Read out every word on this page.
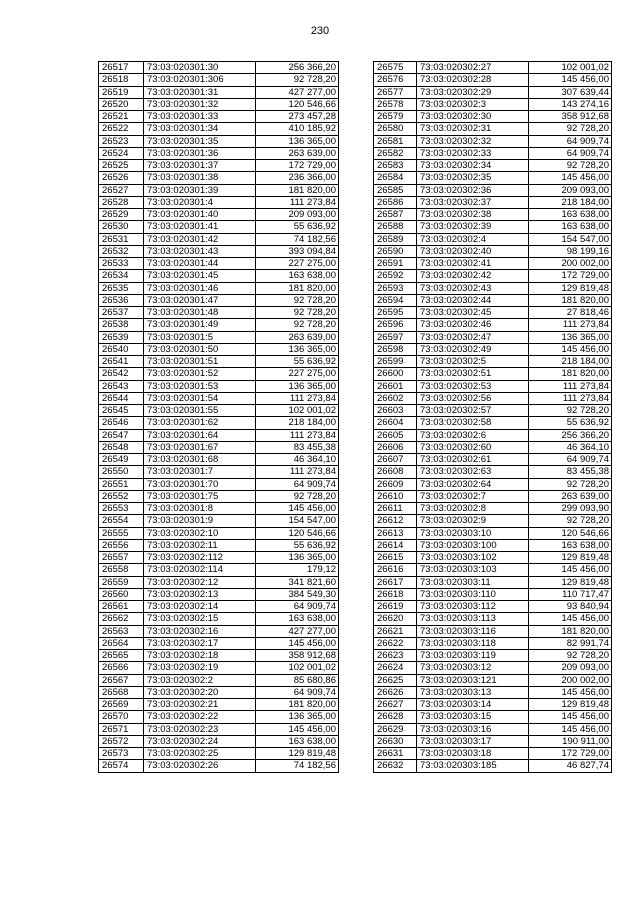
230
26517	73:03:020301:30	256 366,20
26518	73:03:020301:306	92 728,20
26519	73:03:020301:31	427 277,00
26520	73:03:020301:32	120 546,66
26521	73:03:020301:33	273 457,28
26522	73:03:020301:34	410 185,92
26523	73:03:020301:35	136 365,00
26524	73:03:020301:36	263 639,00
26525	73:03:020301:37	172 729,00
26526	73:03:020301:38	236 366,00
26527	73:03:020301:39	181 820,00
26528	73:03:020301:4	111 273,84
26529	73:03:020301:40	209 093,00
26530	73:03:020301:41	55 636,92
26531	73:03:020301:42	74 182,56
26532	73:03:020301:43	393 094,84
26533	73:03:020301:44	227 275,00
26534	73:03:020301:45	163 638,00
26535	73:03:020301:46	181 820,00
26536	73:03:020301:47	92 728,20
26537	73:03:020301:48	92 728,20
26538	73:03:020301:49	92 728,20
26539	73:03:020301:5	263 639,00
26540	73:03:020301:50	136 365,00
26541	73:03:020301:51	55 636,92
26542	73:03:020301:52	227 275,00
26543	73:03:020301:53	136 365,00
26544	73:03:020301:54	111 273,84
26545	73:03:020301:55	102 001,02
26546	73:03:020301:62	218 184,00
26547	73:03:020301:64	111 273,84
26548	73:03:020301:67	83 455,38
26549	73:03:020301:68	46 364,10
26550	73:03:020301:7	111 273,84
26551	73:03:020301:70	64 909,74
26552	73:03:020301:75	92 728,20
26553	73:03:020301:8	145 456,00
26554	73:03:020301:9	154 547,00
26555	73:03:020302:10	120 546,66
26556	73:03:020302:11	55 636,92
26557	73:03:020302:112	136 365,00
26558	73:03:020302:114	179,12
26559	73:03:020302:12	341 821,60
26560	73:03:020302:13	384 549,30
26561	73:03:020302:14	64 909,74
26562	73:03:020302:15	163 638,00
26563	73:03:020302:16	427 277,00
26564	73:03:020302:17	145 456,00
26565	73:03:020302:18	358 912,68
26566	73:03:020302:19	102 001,02
26567	73:03:020302:2	85 680,86
26568	73:03:020302:20	64 909,74
26569	73:03:020302:21	181 820,00
26570	73:03:020302:22	136 365,00
26571	73:03:020302:23	145 456,00
26572	73:03:020302:24	163 638,00
26573	73:03:020302:25	129 819,48
26574	73:03:020302:26	74 182,56
26575	73:03:020302:27	102 001,02
26576	73:03:020302:28	145 456,00
26577	73:03:020302:29	307 639,44
26578	73:03:020302:3	143 274,16
26579	73:03:020302:30	358 912,68
26580	73:03:020302:31	92 728,20
26581	73:03:020302:32	64 909,74
26582	73:03:020302:33	64 909,74
26583	73:03:020302:34	92 728,20
26584	73:03:020302:35	145 456,00
26585	73:03:020302:36	209 093,00
26586	73:03:020302:37	218 184,00
26587	73:03:020302:38	163 638,00
26588	73:03:020302:39	163 638,00
26589	73:03:020302:4	154 547,00
26590	73:03:020302:40	98 199,16
26591	73:03:020302:41	200 002,00
26592	73:03:020302:42	172 729,00
26593	73:03:020302:43	129 819,48
26594	73:03:020302:44	181 820,00
26595	73:03:020302:45	27 818,46
26596	73:03:020302:46	111 273,84
26597	73:03:020302:47	136 365,00
26598	73:03:020302:49	145 456,00
26599	73:03:020302:5	218 184,00
26600	73:03:020302:51	181 820,00
26601	73:03:020302:53	111 273,84
26602	73:03:020302:56	111 273,84
26603	73:03:020302:57	92 728,20
26604	73:03:020302:58	55 636,92
26605	73:03:020302:6	256 366,20
26606	73:03:020302:60	46 364,10
26607	73:03:020302:61	64 909,74
26608	73:03:020302:63	83 455,38
26609	73:03:020302:64	92 728,20
26610	73:03:020302:7	263 639,00
26611	73:03:020302:8	299 093,90
26612	73:03:020302:9	92 728,20
26613	73:03:020303:10	120 546,66
26614	73:03:020303:100	163 638,00
26615	73:03:020303:102	129 819,48
26616	73:03:020303:103	145 456,00
26617	73:03:020303:11	129 819,48
26618	73:03:020303:110	110 717,47
26619	73:03:020303:112	93 840,94
26620	73:03:020303:113	145 456,00
26621	73:03:020303:116	181 820,00
26622	73:03:020303:118	82 991,74
26623	73:03:020303:119	92 728,20
26624	73:03:020303:12	209 093,00
26625	73:03:020303:121	200 002,00
26626	73:03:020303:13	145 456,00
26627	73:03:020303:14	129 819,48
26628	73:03:020303:15	145 456,00
26629	73:03:020303:16	145 456,00
26630	73:03:020303:17	190 911,00
26631	73:03:020303:18	172 729,00
26632	73:03:020303:185	46 827,74
